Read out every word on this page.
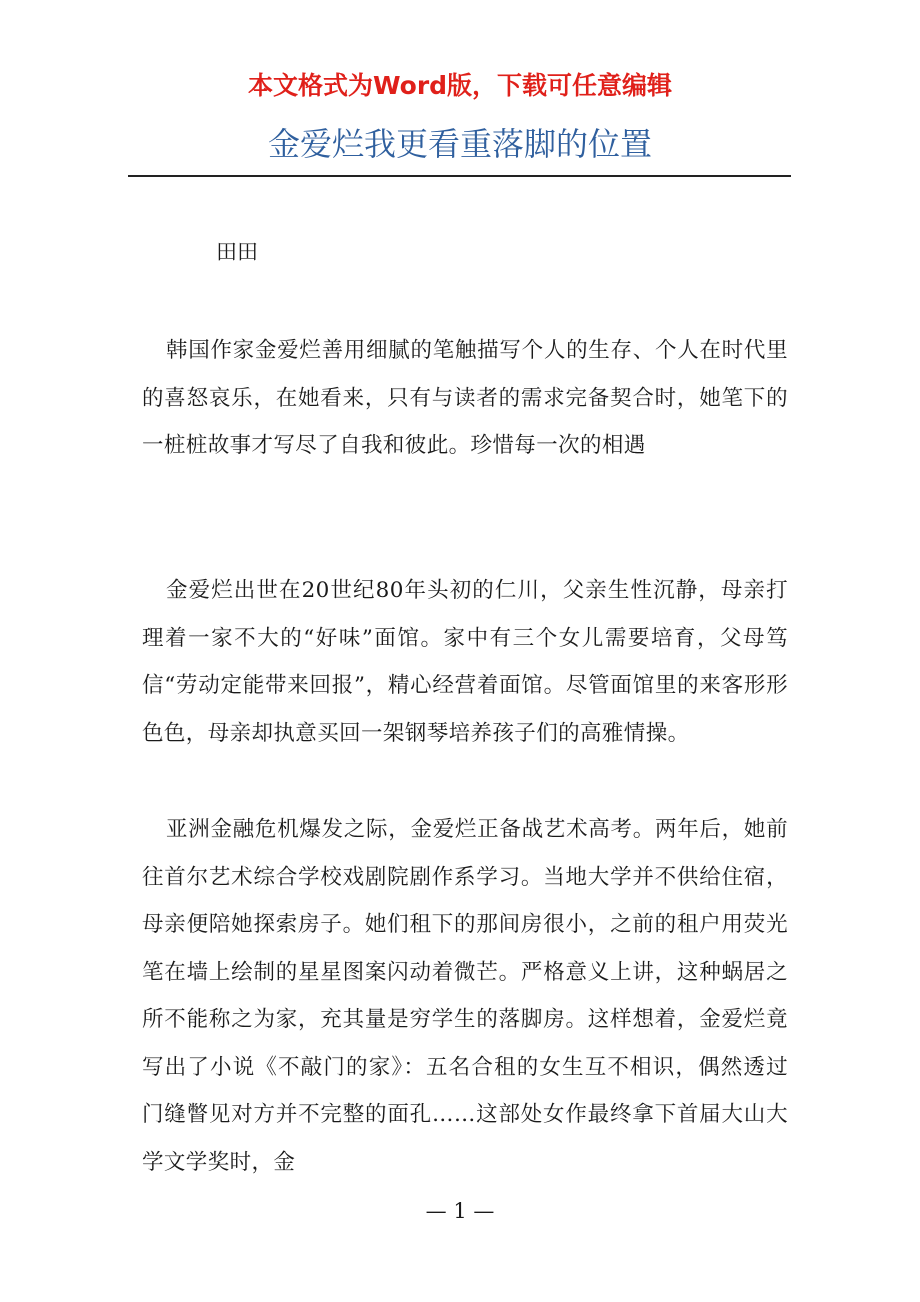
本文格式为Word版，下载可任意编辑

金爱烂我更看重落脚的位置

田田

韩国作家金爱烂善用细腻的笔触描写个人的生存、个人在时代里的喜怒哀乐，在她看来，只有与读者的需求完备契合时，她笔下的一桩桩故事才写尽了自我和彼此。珍惜每一次的相遇

金爱烂出世在20世纪80年头初的仁川，父亲生性沉静，母亲打理着一家不大的“好味”面馆。家中有三个女儿需要培育，父母笃信“劳动定能带来回报”，精心经营着面馆。尽管面馆里的来客形形色色，母亲却执意买回一架钢琴培养孩子们的高雅情操。

亚洲金融危机爆发之际，金爱烂正备战艺术高考。两年后，她前往首尔艺术综合学校戏剧院剧作系学习。当地大学并不供给住宿，母亲便陪她探索房子。她们租下的那间房很小，之前的租户用荧光笔在墙上绘制的星星图案闪动着微芒。严格意义上讲，这种蜗居之所不能称之为家，充其量是穷学生的落脚房。这样想着，金爱烂竟写出了小说《不敲门的家》：五名合租的女生互不相识，偶然透过门缝瞥见对方并不完整的面孔……这部处女作最终拿下首届大山大学文学奖时，金

— 1 —
